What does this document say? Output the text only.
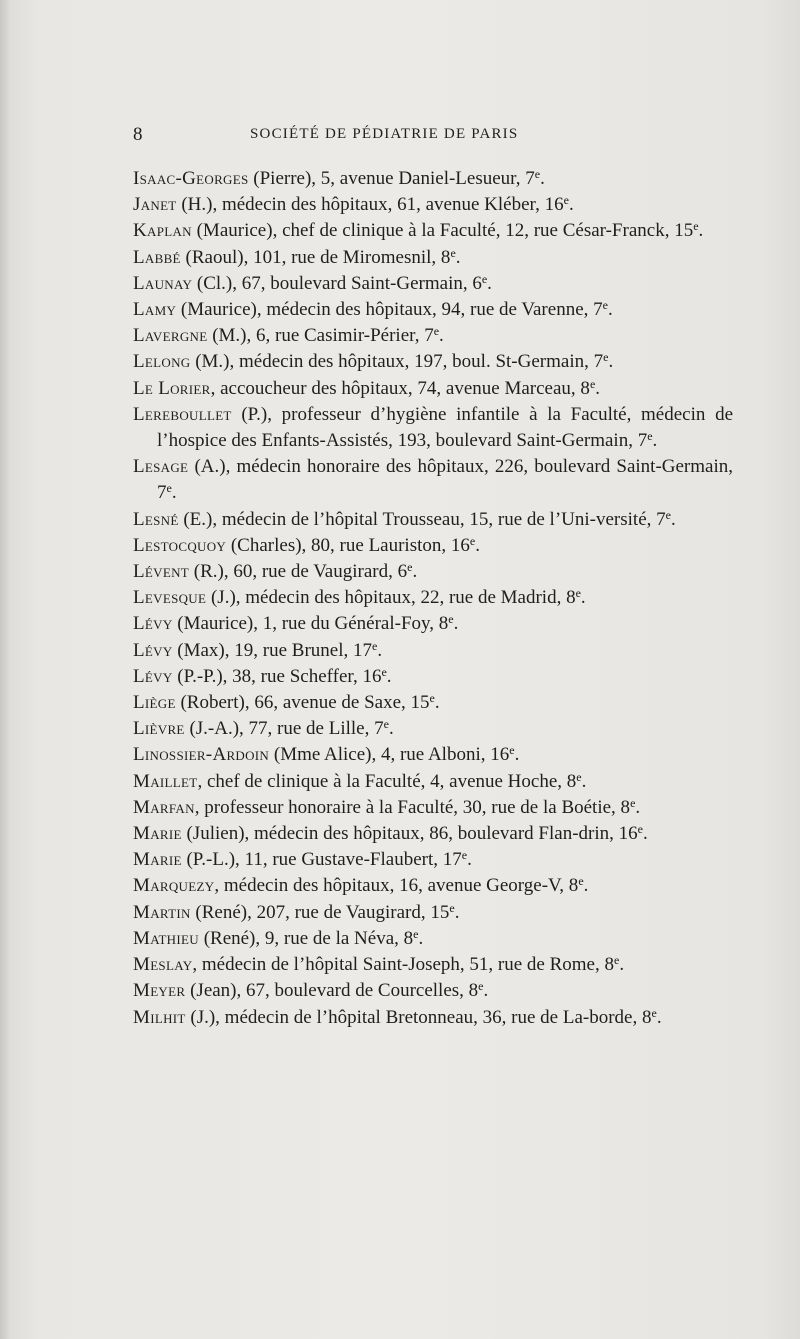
8	SOCIÉTÉ DE PÉDIATRIE DE PARIS

Isaac-Georges (Pierre), 5, avenue Daniel-Lesueur, 7e.

Janet (H.), médecin des hôpitaux, 61, avenue Kléber, 16e.

Kaplan (Maurice), chef de clinique à la Faculté, 12, rue César-Franck, 15e.

Labbé (Raoul), 101, rue de Miromesnil, 8e.

Launay (Cl.), 67, boulevard Saint-Germain, 6e.

Lamy (Maurice), médecin des hôpitaux, 94, rue de Varenne, 7e.

Lavergne (M.), 6, rue Casimir-Périer, 7e.

Lelong (M.), médecin des hôpitaux, 197, boul. St-Germain, 7e.

Le Lorier, accoucheur des hôpitaux, 74, avenue Marceau, 8e.

Lereboullet (P.), professeur d’hygiène infantile à la Faculté, médecin de l’hospice des Enfants-Assistés, 193, boulevard Saint-Germain, 7e.

Lesage (A.), médecin honoraire des hôpitaux, 226, boulevard Saint-Germain, 7e.

Lesné (E.), médecin de l’hôpital Trousseau, 15, rue de l’Uni-versité, 7e.

Lestocquoy (Charles), 80, rue Lauriston, 16e.

Lévent (R.), 60, rue de Vaugirard, 6e.

Levesque (J.), médecin des hôpitaux, 22, rue de Madrid, 8e.

Lévy (Maurice), 1, rue du Général-Foy, 8e.

Lévy (Max), 19, rue Brunel, 17e.

Lévy (P.-P.), 38, rue Scheffer, 16e.

Liège (Robert), 66, avenue de Saxe, 15e.

Lièvre (J.-A.), 77, rue de Lille, 7e.

Linossier-Ardoin (Mme Alice), 4, rue Alboni, 16e.

Maillet, chef de clinique à la Faculté, 4, avenue Hoche, 8e.

Marfan, professeur honoraire à la Faculté, 30, rue de la Boétie, 8e.

Marie (Julien), médecin des hôpitaux, 86, boulevard Flan-drin, 16e.

Marie (P.-L.), 11, rue Gustave-Flaubert, 17e.

Marquezy, médecin des hôpitaux, 16, avenue George-V, 8e.

Martin (René), 207, rue de Vaugirard, 15e.

Mathieu (René), 9, rue de la Néva, 8e.

Meslay, médecin de l’hôpital Saint-Joseph, 51, rue de Rome, 8e.

Meyer (Jean), 67, boulevard de Courcelles, 8e.

Milhit (J.), médecin de l’hôpital Bretonneau, 36, rue de La-borde, 8e.
